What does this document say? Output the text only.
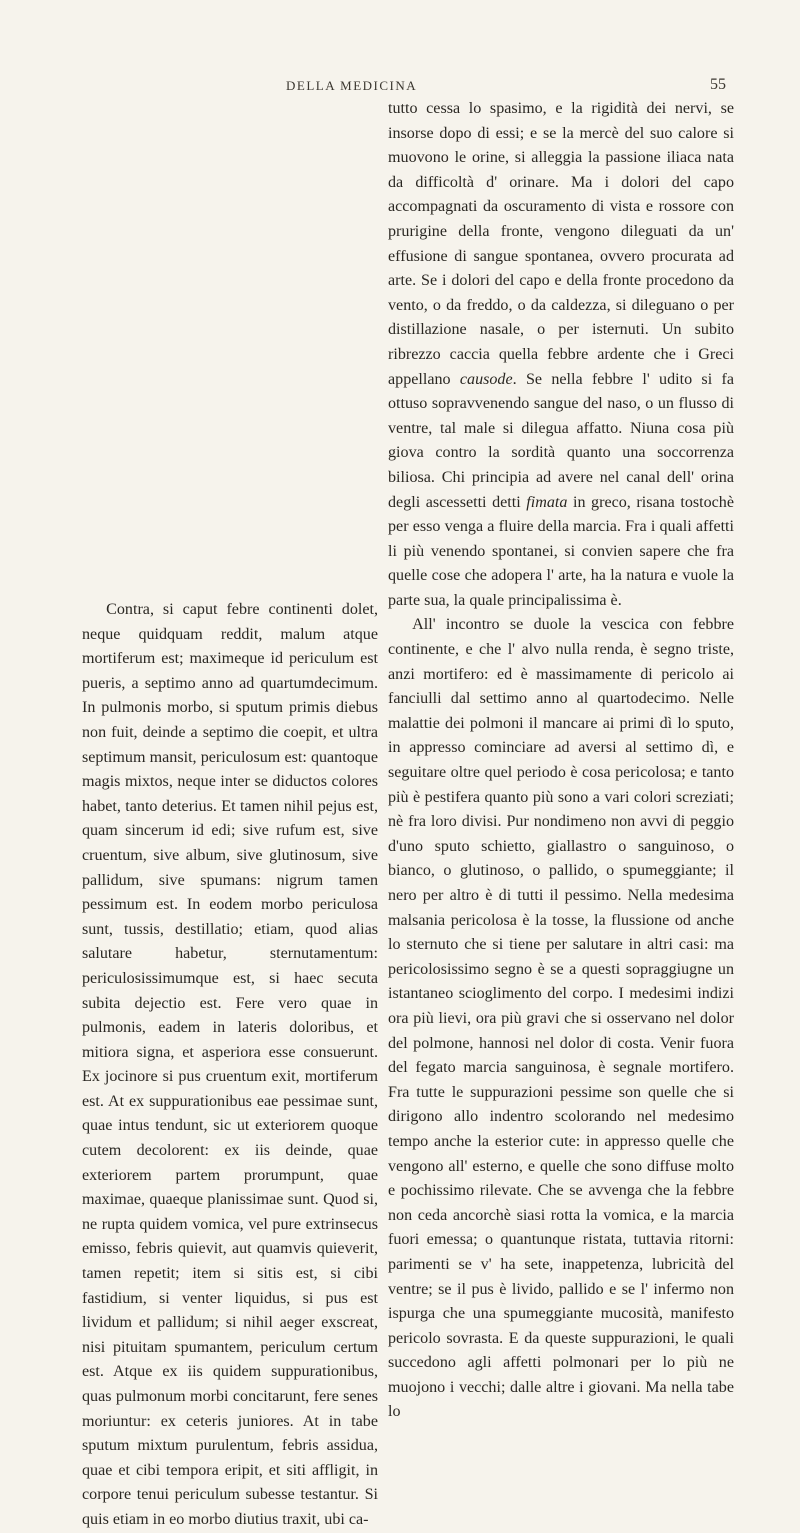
DELLA MEDICINA	55

Contra, si caput febre continenti dolet, neque quidquam reddit, malum atque mortiferum est; maximeque id periculum est pueris, a septimo anno ad quartumdecimum. In pulmonis morbo, si sputum primis diebus non fuit, deinde a septimo die coepit, et ultra septimum mansit, periculosum est: quantoque magis mixtos, neque inter se diductos colores habet, tanto deterius. Et tamen nihil pejus est, quam sincerum id edi; sive rufum est, sive cruentum, sive album, sive glutinosum, sive pallidum, sive spumans: nigrum tamen pessimum est. In eodem morbo periculosa sunt, tussis, destillatio; etiam, quod alias salutare habetur, sternutamentum: periculosissimumque est, si haec secuta subita dejectio est. Fere vero quae in pulmonis, eadem in lateris doloribus, et mitiora signa, et asperiora esse consuerunt. Ex jocinore si pus cruentum exit, mortiferum est. At ex suppurationibus eae pessimae sunt, quae intus tendunt, sic ut exteriorem quoque cutem decolorent: ex iis deinde, quae exteriorem partem prorumpunt, quae maximae, quaeque planissimae sunt. Quod si, ne rupta quidem vomica, vel pure extrinsecus emisso, febris quievit, aut quamvis quieverit, tamen repetit; item si sitis est, si cibi fastidium, si venter liquidus, si pus est lividum et pallidum; si nihil aeger exscreat, nisi pituitam spumantem, periculum certum est. Atque ex iis quidem suppurationibus, quas pulmonum morbi concitarunt, fere senes moriuntur: ex ceteris juniores. At in tabe sputum mixtum purulentum, febris assidua, quae et cibi tempora eripit, et siti affligit, in corpore tenui periculum subesse testantur. Si quis etiam in eo morbo diutius traxit, ubi ca-

tutto cessa lo spasimo, e la rigidità dei nervi, se insorse dopo di essi; e se la mercè del suo calore si muovono le orine, si alleggia la passione iliaca nata da difficoltà d' orinare. Ma i dolori del capo accompagnati da oscuramento di vista e rossore con prurigine della fronte, vengono dileguati da un' effusione di sangue spontanea, ovvero procurata ad arte. Se i dolori del capo e della fronte procedono da vento, o da freddo, o da caldezza, si dileguano o per distillazione nasale, o per isternuti. Un subito ribrezzo caccia quella febbre ardente che i Greci appellano causode. Se nella febbre l' udito si fa ottuso sopravvenendo sangue del naso, o un flusso di ventre, tal male si dilegua affatto. Niuna cosa più giova contro la sordità quanto una soccorrenza biliosa. Chi principia ad avere nel canal dell' orina degli ascessetti detti fimata in greco, risana tostochè per esso venga a fluire della marcia. Fra i quali affetti li più venendo spontanei, si convien sapere che fra quelle cose che adopera l' arte, ha la natura e vuole la parte sua, la quale principalissima è.

All' incontro se duole la vescica con febbre continente, e che l' alvo nulla renda, è segno triste, anzi mortifero: ed è massimamente di pericolo ai fanciulli dal settimo anno al quartodecimo. Nelle malattie dei polmoni il mancare ai primi dì lo sputo, in appresso cominciare ad aversi al settimo dì, e seguitare oltre quel periodo è cosa pericolosa; e tanto più è pestifera quanto più sono a vari colori screziati; nè fra loro divisi. Pur nondimeno non avvi di peggio d'uno sputo schietto, giallastro o sanguinoso, o bianco, o glutinoso, o pallido, o spumeggiante; il nero per altro è di tutti il pessimo. Nella medesima malsania pericolosa è la tosse, la flussione od anche lo sternuto che si tiene per salutare in altri casi: ma pericolosissimo segno è se a questi sopraggiugne un istantaneo scioglimento del corpo. I medesimi indizi ora più lievi, ora più gravi che si osservano nel dolor del polmone, hannosi nel dolor di costa. Venir fuora del fegato marcia sanguinosa, è segnale mortifero. Fra tutte le suppurazioni pessime son quelle che si dirigono allo indentro scolorando nel medesimo tempo anche la esterior cute: in appresso quelle che vengono all' esterno, e quelle che sono diffuse molto e pochissimo rilevate. Che se avvenga che la febbre non ceda ancorchè siasi rotta la vomica, e la marcia fuori emessa; o quantunque ristata, tuttavia ritorni: parimenti se v' ha sete, inappetenza, lubricità del ventre; se il pus è livido, pallido e se l' infermo non ispurga che una spumeggiante mucosità, manifesto pericolo sovrasta. E da queste suppurazioni, le quali succedono agli affetti polmonari per lo più ne muojono i vecchi; dalle altre i giovani. Ma nella tabe lo
